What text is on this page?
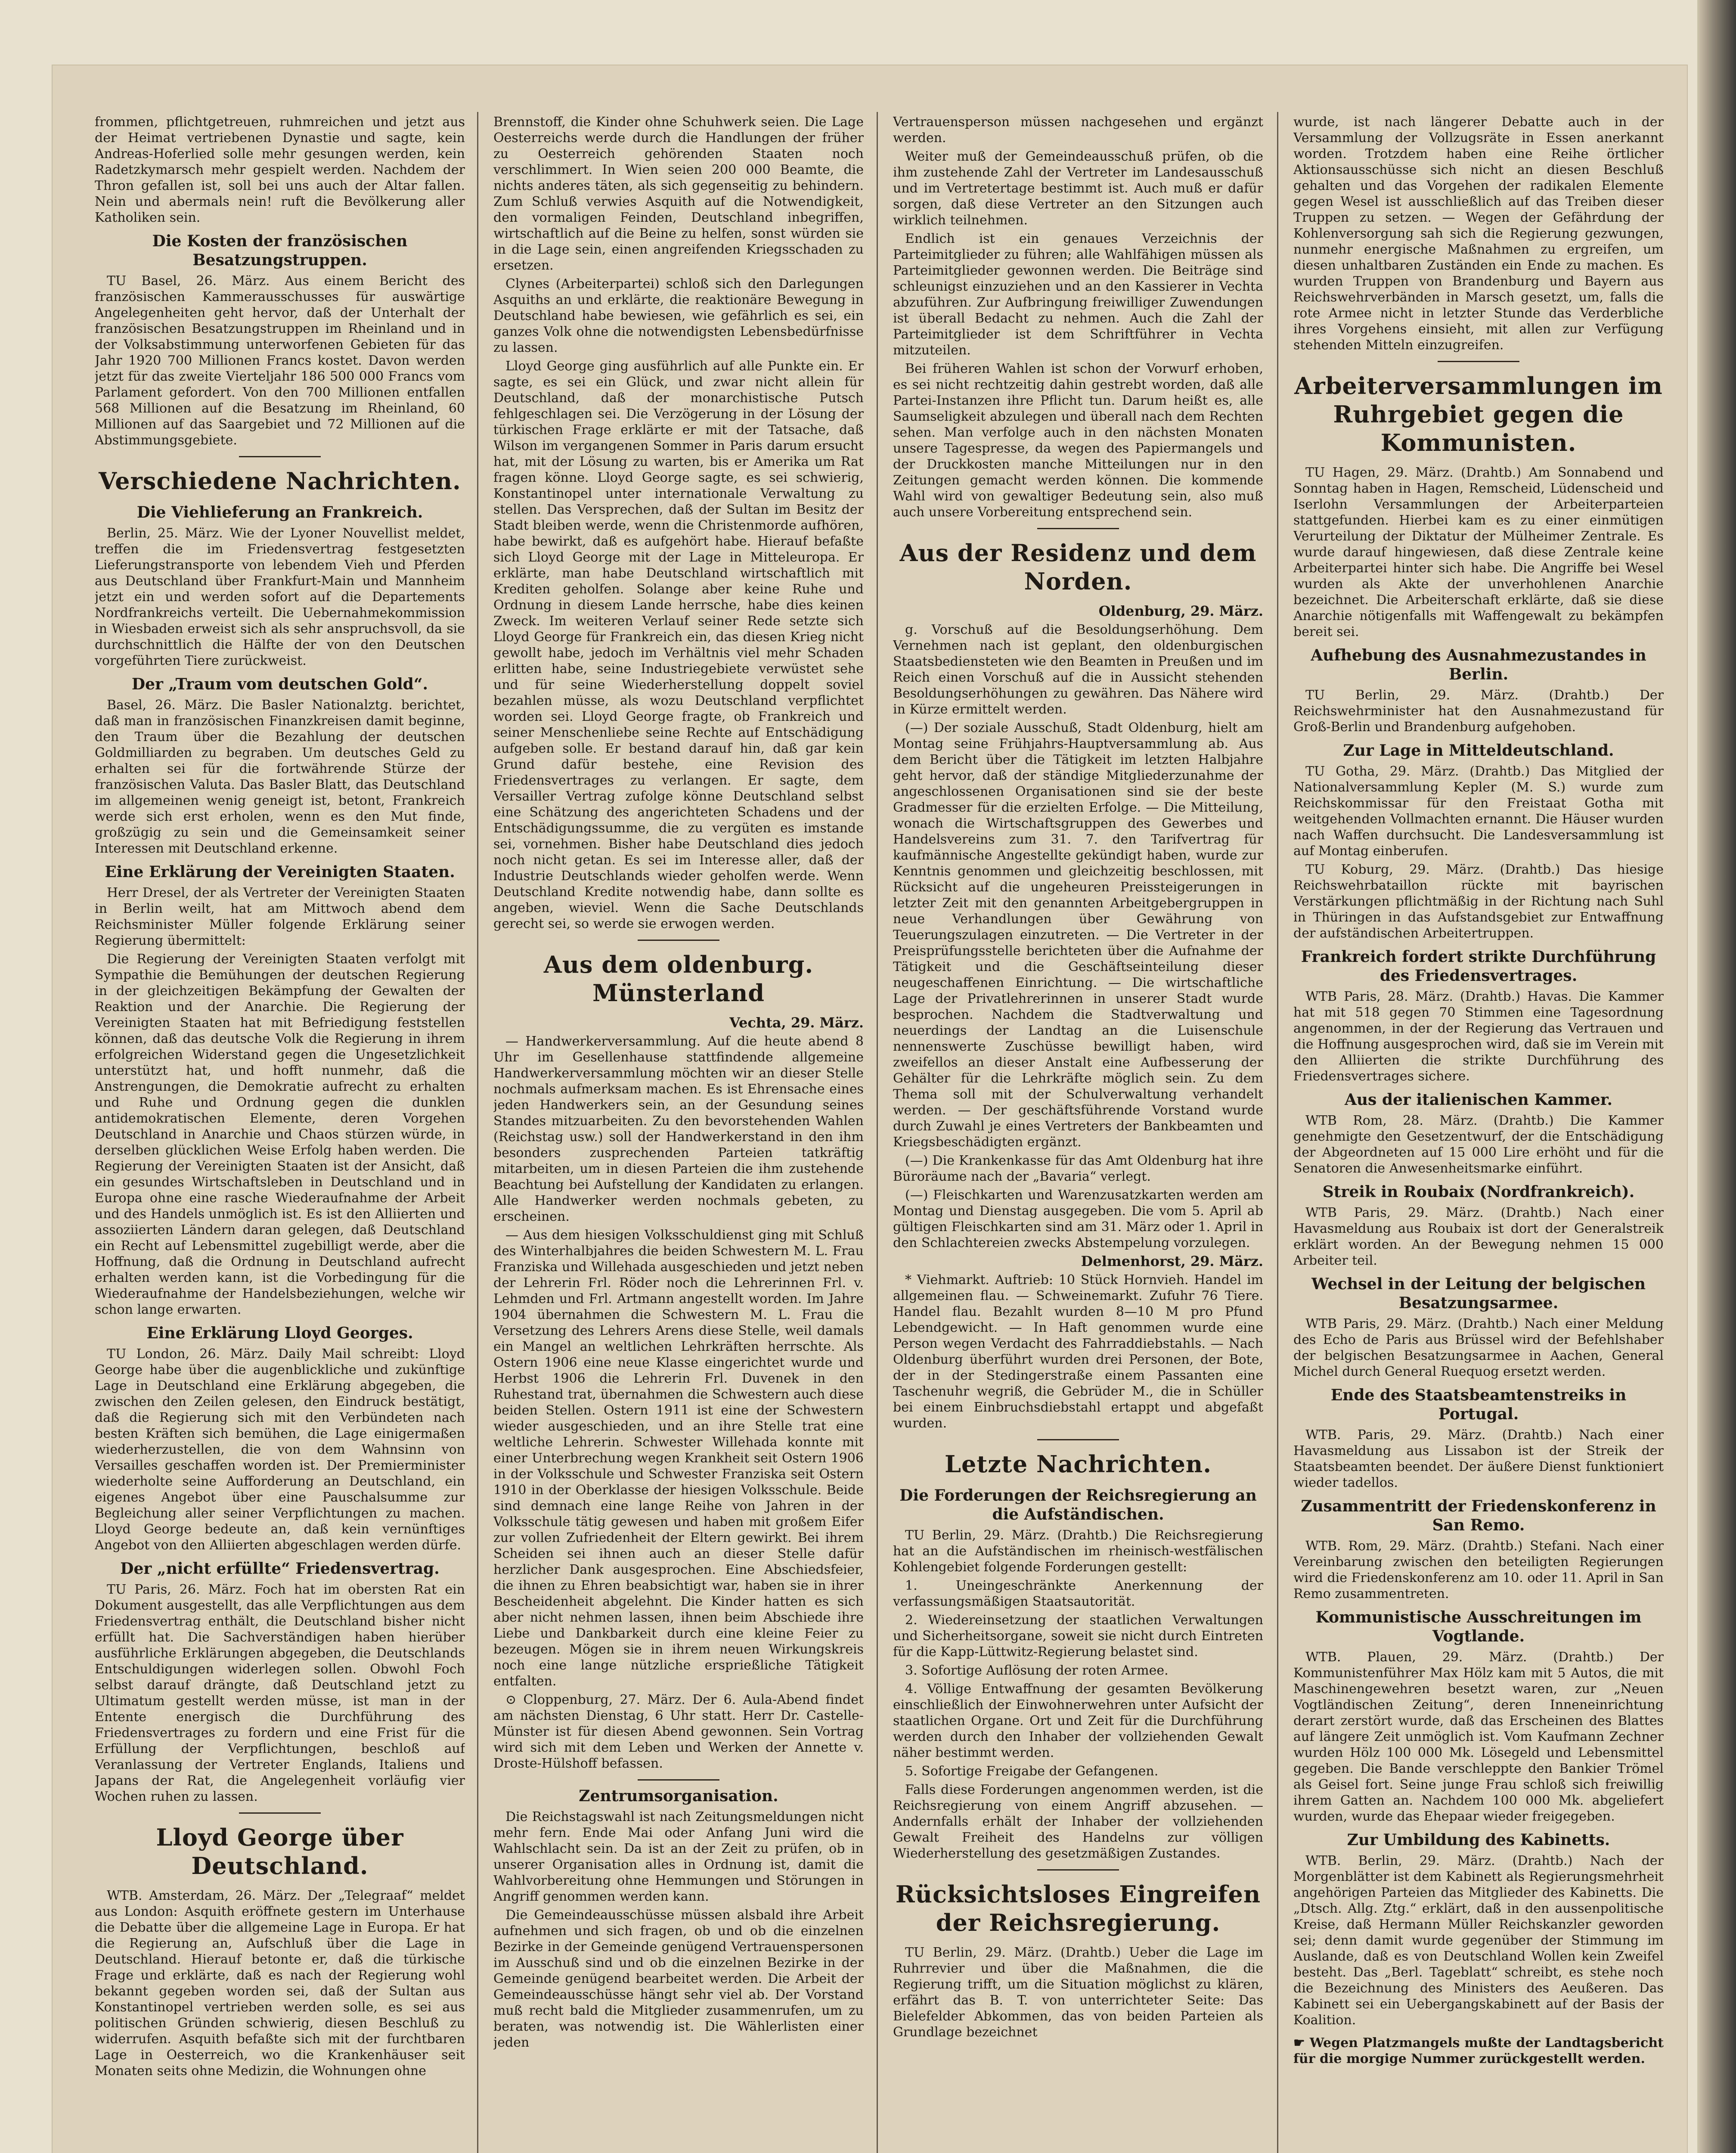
frommen, pflichtgetreuen, ruhmreichen und jetzt aus der Heimat vertriebenen Dynastie und sagte, kein Andreas-Hoferlied solle mehr gesungen werden, kein Radetzkymarsch mehr gespielt werden. Nachdem der Thron gefallen ist, soll bei uns auch der Altar fallen. Nein und abermals nein! ruft die Bevölkerung aller Katholiken sein.

Die Kosten der französischen Besatzungstruppen.

TU Basel, 26. März. Aus einem Bericht des französischen Kammerausschusses für auswärtige Angelegenheiten geht hervor, daß der Unterhalt der französischen Besatzungstruppen im Rheinland und in der Volksabstimmung unterworfenen Gebieten für das Jahr 1920 700 Millionen Francs kostet. Davon werden jetzt für das zweite Vierteljahr 186 500 000 Francs vom Parlament gefordert. Von den 700 Millionen entfallen 568 Millionen auf die Besatzung im Rheinland, 60 Millionen auf das Saargebiet und 72 Millionen auf die Abstimmungsgebiete.

Verschiedene Nachrichten.
Die Viehlieferung an Frankreich.

Berlin, 25. März. Wie der Lyoner Nouvellist meldet, treffen die im Friedensvertrag festgesetzten Lieferungstransporte von lebendem Vieh und Pferden aus Deutschland über Frankfurt-Main und Mannheim jetzt ein und werden sofort auf die Departements Nordfrankreichs verteilt. Die Uebernahmekommission in Wiesbaden erweist sich als sehr anspruchsvoll, da sie durchschnittlich die Hälfte der von den Deutschen vorgeführten Tiere zurückweist.

Der „Traum vom deutschen Gold“.

Basel, 26. März. Die Basler Nationalztg. berichtet, daß man in französischen Finanzkreisen damit beginne, den Traum über die Bezahlung der deutschen Goldmilliarden zu begraben. Um deutsches Geld zu erhalten sei für die fortwährende Stürze der französischen Valuta. Das Basler Blatt, das Deutschland im allgemeinen wenig geneigt ist, betont, Frankreich werde sich erst erholen, wenn es den Mut finde, großzügig zu sein und die Gemeinsamkeit seiner Interessen mit Deutschland erkenne.

Eine Erklärung der Vereinigten Staaten.

Herr Dresel, der als Vertreter der Vereinigten Staaten in Berlin weilt, hat am Mittwoch abend dem Reichsminister Müller folgende Erklärung seiner Regierung übermittelt:

Die Regierung der Vereinigten Staaten verfolgt mit Sympathie die Bemühungen der deutschen Regierung in der gleichzeitigen Bekämpfung der Gewalten der Reaktion und der Anarchie. Die Regierung der Vereinigten Staaten hat mit Befriedigung feststellen können, daß das deutsche Volk die Regierung in ihrem erfolgreichen Widerstand gegen die Ungesetzlichkeit unterstützt hat, und hofft nunmehr, daß die Anstrengungen, die Demokratie aufrecht zu erhalten und Ruhe und Ordnung gegen die dunklen antidemokratischen Elemente, deren Vorgehen Deutschland in Anarchie und Chaos stürzen würde, in derselben glücklichen Weise Erfolg haben werden. Die Regierung der Vereinigten Staaten ist der Ansicht, daß ein gesundes Wirtschaftsleben in Deutschland und in Europa ohne eine rasche Wiederaufnahme der Arbeit und des Handels unmöglich ist. Es ist den Alliierten und assoziierten Ländern daran gelegen, daß Deutschland ein Recht auf Lebensmittel zugebilligt werde, aber die Hoffnung, daß die Ordnung in Deutschland aufrecht erhalten werden kann, ist die Vorbedingung für die Wiederaufnahme der Handelsbeziehungen, welche wir schon lange erwarten.

Eine Erklärung Lloyd Georges.

TU London, 26. März. Daily Mail schreibt: Lloyd George habe über die augenblickliche und zukünftige Lage in Deutschland eine Erklärung abgegeben, die zwischen den Zeilen gelesen, den Eindruck bestätigt, daß die Regierung sich mit den Verbündeten nach besten Kräften sich bemühen, die Lage einigermaßen wiederherzustellen, die von dem Wahnsinn von Versailles geschaffen worden ist. Der Premierminister wiederholte seine Aufforderung an Deutschland, ein eigenes Angebot über eine Pauschalsumme zur Begleichung aller seiner Verpflichtungen zu machen. Lloyd George bedeute an, daß kein vernünftiges Angebot von den Alliierten abgeschlagen werden dürfe.

Der „nicht erfüllte“ Friedensvertrag.

TU Paris, 26. März. Foch hat im obersten Rat ein Dokument ausgestellt, das alle Verpflichtungen aus dem Friedensvertrag enthält, die Deutschland bisher nicht erfüllt hat. Die Sachverständigen haben hierüber ausführliche Erklärungen abgegeben, die Deutschlands Entschuldigungen widerlegen sollen. Obwohl Foch selbst darauf drängte, daß Deutschland jetzt zu Ultimatum gestellt werden müsse, ist man in der Entente energisch die Durchführung des Friedensvertrages zu fordern und eine Frist für die Erfüllung der Verpflichtungen, beschloß auf Veranlassung der Vertreter Englands, Italiens und Japans der Rat, die Angelegenheit vorläufig vier Wochen ruhen zu lassen.

Lloyd George über Deutschland.

WTB. Amsterdam, 26. März. Der „Telegraaf“ meldet aus London: Asquith eröffnete gestern im Unterhause die Debatte über die allgemeine Lage in Europa. Er hat die Regierung an, Aufschluß über die Lage in Deutschland. Hierauf betonte er, daß die türkische Frage und erklärte, daß es nach der Regierung wohl bekannt gegeben worden sei, daß der Sultan aus Konstantinopel vertrieben werden solle, es sei aus politischen Gründen schwierig, diesen Beschluß zu widerrufen. Asquith befaßte sich mit der furchtbaren Lage in Oesterreich, wo die Krankenhäuser seit Monaten seits ohne Medizin, die Wohnungen ohne

Brennstoff, die Kinder ohne Schuhwerk seien. Die Lage Oesterreichs werde durch die Handlungen der früher zu Oesterreich gehörenden Staaten noch verschlimmert. In Wien seien 200 000 Beamte, die nichts anderes täten, als sich gegenseitig zu behindern. Zum Schluß verwies Asquith auf die Notwendigkeit, den vormaligen Feinden, Deutschland inbegriffen, wirtschaftlich auf die Beine zu helfen, sonst würden sie in die Lage sein, einen angreifenden Kriegsschaden zu ersetzen.

Clynes (Arbeiterpartei) schloß sich den Darlegungen Asquiths an und erklärte, die reaktionäre Bewegung in Deutschland habe bewiesen, wie gefährlich es sei, ein ganzes Volk ohne die notwendigsten Lebensbedürfnisse zu lassen.

Lloyd George ging ausführlich auf alle Punkte ein. Er sagte, es sei ein Glück, und zwar nicht allein für Deutschland, daß der monarchistische Putsch fehlgeschlagen sei. Die Verzögerung in der Lösung der türkischen Frage erklärte er mit der Tatsache, daß Wilson im vergangenen Sommer in Paris darum ersucht hat, mit der Lösung zu warten, bis er Amerika um Rat fragen könne. Lloyd George sagte, es sei schwierig, Konstantinopel unter internationale Verwaltung zu stellen. Das Versprechen, daß der Sultan im Besitz der Stadt bleiben werde, wenn die Christenmorde aufhören, habe bewirkt, daß es aufgehört habe. Hierauf befaßte sich Lloyd George mit der Lage in Mitteleuropa. Er erklärte, man habe Deutschland wirtschaftlich mit Krediten geholfen. Solange aber keine Ruhe und Ordnung in diesem Lande herrsche, habe dies keinen Zweck. Im weiteren Verlauf seiner Rede setzte sich Lloyd George für Frankreich ein, das diesen Krieg nicht gewollt habe, jedoch im Verhältnis viel mehr Schaden erlitten habe, seine Industriegebiete verwüstet sehe und für seine Wiederherstellung doppelt soviel bezahlen müsse, als wozu Deutschland verpflichtet worden sei. Lloyd George fragte, ob Frankreich und seiner Menschenliebe seine Rechte auf Entschädigung aufgeben solle. Er bestand darauf hin, daß gar kein Grund dafür bestehe, eine Revision des Friedensvertrages zu verlangen. Er sagte, dem Versailler Vertrag zufolge könne Deutschland selbst eine Schätzung des angerichteten Schadens und der Entschädigungssumme, die zu vergüten es imstande sei, vornehmen. Bisher habe Deutschland dies jedoch noch nicht getan. Es sei im Interesse aller, daß der Industrie Deutschlands wieder geholfen werde. Wenn Deutschland Kredite notwendig habe, dann sollte es angeben, wieviel. Wenn die Sache Deutschlands gerecht sei, so werde sie erwogen werden.

Aus dem oldenburg. Münsterland
Vechta, 29. März.

— Handwerkerversammlung. Auf die heute abend 8 Uhr im Gesellenhause stattfindende allgemeine Handwerkerversammlung möchten wir an dieser Stelle nochmals aufmerksam machen. Es ist Ehrensache eines jeden Handwerkers sein, an der Gesundung seines Standes mitzuarbeiten. Zu den bevorstehenden Wahlen (Reichstag usw.) soll der Handwerkerstand in den ihm besonders zusprechenden Parteien tatkräftig mitarbeiten, um in diesen Parteien die ihm zustehende Beachtung bei Aufstellung der Kandidaten zu erlangen. Alle Handwerker werden nochmals gebeten, zu erscheinen.

— Aus dem hiesigen Volksschuldienst ging mit Schluß des Winterhalbjahres die beiden Schwestern M. L. Frau Franziska und Willehada ausgeschieden und jetzt neben der Lehrerin Frl. Röder noch die Lehrerinnen Frl. v. Lehmden und Frl. Artmann angestellt worden. Im Jahre 1904 übernahmen die Schwestern M. L. Frau die Versetzung des Lehrers Arens diese Stelle, weil damals ein Mangel an weltlichen Lehrkräften herrschte. Als Ostern 1906 eine neue Klasse eingerichtet wurde und Herbst 1906 die Lehrerin Frl. Duvenek in den Ruhestand trat, übernahmen die Schwestern auch diese beiden Stellen. Ostern 1911 ist eine der Schwestern wieder ausgeschieden, und an ihre Stelle trat eine weltliche Lehrerin. Schwester Willehada konnte mit einer Unterbrechung wegen Krankheit seit Ostern 1906 in der Volksschule und Schwester Franziska seit Ostern 1910 in der Oberklasse der hiesigen Volksschule. Beide sind demnach eine lange Reihe von Jahren in der Volksschule tätig gewesen und haben mit großem Eifer zur vollen Zufriedenheit der Eltern gewirkt. Bei ihrem Scheiden sei ihnen auch an dieser Stelle dafür herzlicher Dank ausgesprochen. Eine Abschiedsfeier, die ihnen zu Ehren beabsichtigt war, haben sie in ihrer Bescheidenheit abgelehnt. Die Kinder hatten es sich aber nicht nehmen lassen, ihnen beim Abschiede ihre Liebe und Dankbarkeit durch eine kleine Feier zu bezeugen. Mögen sie in ihrem neuen Wirkungskreis noch eine lange nützliche ersprießliche Tätigkeit entfalten.

⊙ Cloppenburg, 27. März. Der 6. Aula-Abend findet am nächsten Dienstag, 6 Uhr statt. Herr Dr. Castelle-Münster ist für diesen Abend gewonnen. Sein Vortrag wird sich mit dem Leben und Werken der Annette v. Droste-Hülshoff befassen.

Zentrumsorganisation.

Die Reichstagswahl ist nach Zeitungsmeldungen nicht mehr fern. Ende Mai oder Anfang Juni wird die Wahlschlacht sein. Da ist an der Zeit zu prüfen, ob in unserer Organisation alles in Ordnung ist, damit die Wahlvorbereitung ohne Hemmungen und Störungen in Angriff genommen werden kann.

Die Gemeindeausschüsse müssen alsbald ihre Arbeit aufnehmen und sich fragen, ob und ob die einzelnen Bezirke in der Gemeinde genügend Vertrauenspersonen im Ausschuß sind und ob die einzelnen Bezirke in der Gemeinde genügend bearbeitet werden. Die Arbeit der Gemeindeausschüsse hängt sehr viel ab. Der Vorstand muß recht bald die Mitglieder zusammenrufen, um zu beraten, was notwendig ist. Die Wählerlisten einer jeden

Vertrauensperson müssen nachgesehen und ergänzt werden.

Weiter muß der Gemeindeausschuß prüfen, ob die ihm zustehende Zahl der Vertreter im Landesausschuß und im Vertretertage bestimmt ist. Auch muß er dafür sorgen, daß diese Vertreter an den Sitzungen auch wirklich teilnehmen.

Endlich ist ein genaues Verzeichnis der Parteimitglieder zu führen; alle Wahlfähigen müssen als Parteimitglieder gewonnen werden. Die Beiträge sind schleunigst einzuziehen und an den Kassierer in Vechta abzuführen. Zur Aufbringung freiwilliger Zuwendungen ist überall Bedacht zu nehmen. Auch die Zahl der Parteimitglieder ist dem Schriftführer in Vechta mitzuteilen.

Bei früheren Wahlen ist schon der Vorwurf erhoben, es sei nicht rechtzeitig dahin gestrebt worden, daß alle Partei-Instanzen ihre Pflicht tun. Darum heißt es, alle Saumseligkeit abzulegen und überall nach dem Rechten sehen. Man verfolge auch in den nächsten Monaten unsere Tagespresse, da wegen des Papiermangels und der Druckkosten manche Mitteilungen nur in den Zeitungen gemacht werden können. Die kommende Wahl wird von gewaltiger Bedeutung sein, also muß auch unsere Vorbereitung entsprechend sein.

Aus der Residenz und dem Norden.
Oldenburg, 29. März.

g. Vorschuß auf die Besoldungserhöhung. Dem Vernehmen nach ist geplant, den oldenburgischen Staatsbediensteten wie den Beamten in Preußen und im Reich einen Vorschuß auf die in Aussicht stehenden Besoldungserhöhungen zu gewähren. Das Nähere wird in Kürze ermittelt werden.

(—) Der soziale Ausschuß, Stadt Oldenburg, hielt am Montag seine Frühjahrs-Hauptversammlung ab. Aus dem Bericht über die Tätigkeit im letzten Halbjahre geht hervor, daß der ständige Mitgliederzunahme der angeschlossenen Organisationen sind sie der beste Gradmesser für die erzielten Erfolge. — Die Mitteilung, wonach die Wirtschaftsgruppen des Gewerbes und Handelsvereins zum 31. 7. den Tarifvertrag für kaufmännische Angestellte gekündigt haben, wurde zur Kenntnis genommen und gleichzeitig beschlossen, mit Rücksicht auf die ungeheuren Preissteigerungen in letzter Zeit mit den genannten Arbeitgebergruppen in neue Verhandlungen über Gewährung von Teuerungszulagen einzutreten. — Die Vertreter in der Preisprüfungsstelle berichteten über die Aufnahme der Tätigkeit und die Geschäftseinteilung dieser neugeschaffenen Einrichtung. — Die wirtschaftliche Lage der Privatlehrerinnen in unserer Stadt wurde besprochen. Nachdem die Stadtverwaltung und neuerdings der Landtag an die Luisenschule nennenswerte Zuschüsse bewilligt haben, wird zweifellos an dieser Anstalt eine Aufbesserung der Gehälter für die Lehrkräfte möglich sein. Zu dem Thema soll mit der Schulverwaltung verhandelt werden. — Der geschäftsführende Vorstand wurde durch Zuwahl je eines Vertreters der Bankbeamten und Kriegsbeschädigten ergänzt.

(—) Die Krankenkasse für das Amt Oldenburg hat ihre Büroräume nach der „Bavaria“ verlegt.

(—) Fleischkarten und Warenzusatzkarten werden am Montag und Dienstag ausgegeben. Die vom 5. April ab gültigen Fleischkarten sind am 31. März oder 1. April in den Schlachtereien zwecks Abstempelung vorzulegen.

Delmenhorst, 29. März.

* Viehmarkt. Auftrieb: 10 Stück Hornvieh. Handel im allgemeinen flau. — Schweinemarkt. Zufuhr 76 Tiere. Handel flau. Bezahlt wurden 8—10 M pro Pfund Lebendgewicht. — In Haft genommen wurde eine Person wegen Verdacht des Fahrraddiebstahls. — Nach Oldenburg überführt wurden drei Personen, der Bote, der in der Stedingerstraße einem Passanten eine Taschenuhr wegriß, die Gebrüder M., die in Schüller bei einem Einbruchsdiebstahl ertappt und abgefaßt wurden.

Letzte Nachrichten.
Die Forderungen der Reichsregierung an die Aufständischen.

TU Berlin, 29. März. (Drahtb.) Die Reichsregierung hat an die Aufständischen im rheinisch-westfälischen Kohlengebiet folgende Forderungen gestellt:

1. Uneingeschränkte Anerkennung der verfassungsmäßigen Staatsautorität.

2. Wiedereinsetzung der staatlichen Verwaltungen und Sicherheitsorgane, soweit sie nicht durch Eintreten für die Kapp-Lüttwitz-Regierung belastet sind.

3. Sofortige Auflösung der roten Armee.

4. Völlige Entwaffnung der gesamten Bevölkerung einschließlich der Einwohnerwehren unter Aufsicht der staatlichen Organe. Ort und Zeit für die Durchführung werden durch den Inhaber der vollziehenden Gewalt näher bestimmt werden.

5. Sofortige Freigabe der Gefangenen.

Falls diese Forderungen angenommen werden, ist die Reichsregierung von einem Angriff abzusehen. — Andernfalls erhält der Inhaber der vollziehenden Gewalt Freiheit des Handelns zur völligen Wiederherstellung des gesetzmäßigen Zustandes.

Rücksichtsloses Eingreifen der Reichsregierung.

TU Berlin, 29. März. (Drahtb.) Ueber die Lage im Ruhrrevier und über die Maßnahmen, die die Regierung trifft, um die Situation möglichst zu klären, erfährt das B. T. von unterrichteter Seite: Das Bielefelder Abkommen, das von beiden Parteien als Grundlage bezeichnet

wurde, ist nach längerer Debatte auch in der Versammlung der Vollzugsräte in Essen anerkannt worden. Trotzdem haben eine Reihe örtlicher Aktionsausschüsse sich nicht an diesen Beschluß gehalten und das Vorgehen der radikalen Elemente gegen Wesel ist ausschließlich auf das Treiben dieser Truppen zu setzen. — Wegen der Gefährdung der Kohlenversorgung sah sich die Regierung gezwungen, nunmehr energische Maßnahmen zu ergreifen, um diesen unhaltbaren Zuständen ein Ende zu machen. Es wurden Truppen von Brandenburg und Bayern aus Reichswehrverbänden in Marsch gesetzt, um, falls die rote Armee nicht in letzter Stunde das Verderbliche ihres Vorgehens einsieht, mit allen zur Verfügung stehenden Mitteln einzugreifen.

Arbeiterversammlungen im Ruhrgebiet gegen die Kommunisten.

TU Hagen, 29. März. (Drahtb.) Am Sonnabend und Sonntag haben in Hagen, Remscheid, Lüdenscheid und Iserlohn Versammlungen der Arbeiterparteien stattgefunden. Hierbei kam es zu einer einmütigen Verurteilung der Diktatur der Mülheimer Zentrale. Es wurde darauf hingewiesen, daß diese Zentrale keine Arbeiterpartei hinter sich habe. Die Angriffe bei Wesel wurden als Akte der unverhohlenen Anarchie bezeichnet. Die Arbeiterschaft erklärte, daß sie diese Anarchie nötigenfalls mit Waffengewalt zu bekämpfen bereit sei.

Aufhebung des Ausnahmezustandes in Berlin.

TU Berlin, 29. März. (Drahtb.) Der Reichswehrminister hat den Ausnahmezustand für Groß-Berlin und Brandenburg aufgehoben.

Zur Lage in Mitteldeutschland.

TU Gotha, 29. März. (Drahtb.) Das Mitglied der Nationalversammlung Kepler (M. S.) wurde zum Reichskommissar für den Freistaat Gotha mit weitgehenden Vollmachten ernannt. Die Häuser wurden nach Waffen durchsucht. Die Landesversammlung ist auf Montag einberufen.

TU Koburg, 29. März. (Drahtb.) Das hiesige Reichswehrbataillon rückte mit bayrischen Verstärkungen pflichtmäßig in der Richtung nach Suhl in Thüringen in das Aufstandsgebiet zur Entwaffnung der aufständischen Arbeitertruppen.

Frankreich fordert strikte Durchführung des Friedensvertrages.

WTB Paris, 28. März. (Drahtb.) Havas. Die Kammer hat mit 518 gegen 70 Stimmen eine Tagesordnung angenommen, in der der Regierung das Vertrauen und die Hoffnung ausgesprochen wird, daß sie im Verein mit den Alliierten die strikte Durchführung des Friedensvertrages sichere.

Aus der italienischen Kammer.

WTB Rom, 28. März. (Drahtb.) Die Kammer genehmigte den Gesetzentwurf, der die Entschädigung der Abgeordneten auf 15 000 Lire erhöht und für die Senatoren die Anwesenheitsmarke einführt.

Streik in Roubaix (Nordfrankreich).

WTB Paris, 29. März. (Drahtb.) Nach einer Havasmeldung aus Roubaix ist dort der Generalstreik erklärt worden. An der Bewegung nehmen 15 000 Arbeiter teil.

Wechsel in der Leitung der belgischen Besatzungsarmee.

WTB Paris, 29. März. (Drahtb.) Nach einer Meldung des Echo de Paris aus Brüssel wird der Befehlshaber der belgischen Besatzungsarmee in Aachen, General Michel durch General Ruequog ersetzt werden.

Ende des Staatsbeamtenstreiks in Portugal.

WTB. Paris, 29. März. (Drahtb.) Nach einer Havasmeldung aus Lissabon ist der Streik der Staatsbeamten beendet. Der äußere Dienst funktioniert wieder tadellos.

Zusammentritt der Friedenskonferenz in San Remo.

WTB. Rom, 29. März. (Drahtb.) Stefani. Nach einer Vereinbarung zwischen den beteiligten Regierungen wird die Friedenskonferenz am 10. oder 11. April in San Remo zusammentreten.

Kommunistische Ausschreitungen im Vogtlande.

WTB. Plauen, 29. März. (Drahtb.) Der Kommunistenführer Max Hölz kam mit 5 Autos, die mit Maschinengewehren besetzt waren, zur „Neuen Vogtländischen Zeitung“, deren Inneneinrichtung derart zerstört wurde, daß das Erscheinen des Blattes auf längere Zeit unmöglich ist. Vom Kaufmann Zechner wurden Hölz 100 000 Mk. Lösegeld und Lebensmittel gegeben. Die Bande verschleppte den Bankier Trömel als Geisel fort. Seine junge Frau schloß sich freiwillig ihrem Gatten an. Nachdem 100 000 Mk. abgeliefert wurden, wurde das Ehepaar wieder freigegeben.

Zur Umbildung des Kabinetts.

WTB. Berlin, 29. März. (Drahtb.) Nach der Morgenblätter ist dem Kabinett als Regierungsmehrheit angehörigen Parteien das Mitglieder des Kabinetts. Die „Dtsch. Allg. Ztg.“ erklärt, daß in den aussenpolitische Kreise, daß Hermann Müller Reichskanzler geworden sei; denn damit wurde gegenüber der Stimmung im Auslande, daß es von Deutschland Wollen kein Zweifel besteht. Das „Berl. Tageblatt“ schreibt, es stehe noch die Bezeichnung des Ministers des Aeußeren. Das Kabinett sei ein Uebergangskabinett auf der Basis der Koalition.

☛ Wegen Platzmangels mußte der Landtagsbericht für die morgige Nummer zurückgestellt werden.
